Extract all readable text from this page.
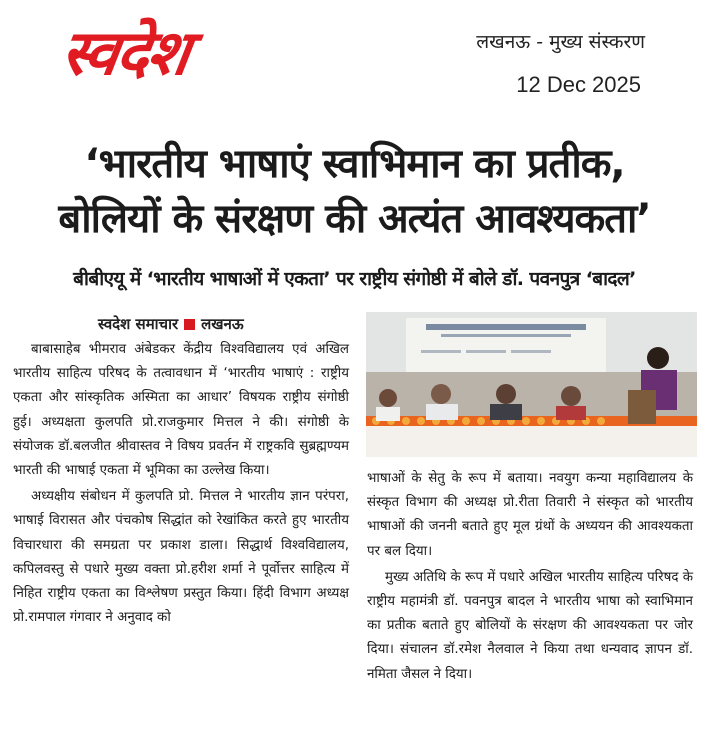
स्वदेश	लखनऊ - मुख्य संस्करण
12 Dec 2025
‘भारतीय भाषाएं स्वाभिमान का प्रतीक,
बोलियों के संरक्षण की अत्यंत आवश्यकता’
बीबीएयू में ‘भारतीय भाषाओं में एकता’ पर राष्ट्रीय संगोष्ठी में बोले डॉ. पवनपुत्र ‘बादल’
स्वदेश समाचार लखनऊ

बाबासाहेब भीमराव अंबेडकर केंद्रीय विश्वविद्यालय एवं अखिल भारतीय साहित्य परिषद के तत्वावधान में ‘भारतीय भाषाएं : राष्ट्रीय एकता और सांस्कृतिक अस्मिता का आधार’ विषयक राष्ट्रीय संगोष्ठी हुई। अध्यक्षता कुलपति प्रो.राजकुमार मित्तल ने की। संगोष्ठी के संयोजक डॉ.बलजीत श्रीवास्तव ने विषय प्रवर्तन में राष्ट्रकवि सुब्रह्मण्यम भारती की भाषाई एकता में भूमिका का उल्लेख किया।

अध्यक्षीय संबोधन में कुलपति प्रो. मित्तल ने भारतीय ज्ञान परंपरा, भाषाई विरासत और पंचकोष सिद्धांत को रेखांकित करते हुए भारतीय विचारधारा की समग्रता पर प्रकाश डाला। सिद्धार्थ विश्वविद्यालय, कपिलवस्तु से पधारे मुख्य वक्ता प्रो.हरीश शर्मा ने पूर्वोत्तर साहित्य में निहित राष्ट्रीय एकता का विश्लेषण प्रस्तुत किया। हिंदी विभाग अध्यक्ष प्रो.रामपाल गंगवार ने अनुवाद को

भाषाओं के सेतु के रूप में बताया। नवयुग कन्या महाविद्यालय के संस्कृत विभाग की अध्यक्ष प्रो.रीता तिवारी ने संस्कृत को भारतीय भाषाओं की जननी बताते हुए मूल ग्रंथों के अध्ययन की आवश्यकता पर बल दिया।

मुख्य अतिथि के रूप में पधारे अखिल भारतीय साहित्य परिषद के राष्ट्रीय महामंत्री डॉ. पवनपुत्र बादल ने भारतीय भाषा को स्वाभिमान का प्रतीक बताते हुए बोलियों के संरक्षण की आवश्यकता पर जोर दिया। संचालन डॉ.रमेश नैलवाल ने किया तथा धन्यवाद ज्ञापन डॉ. नमिता जैसल ने दिया।
